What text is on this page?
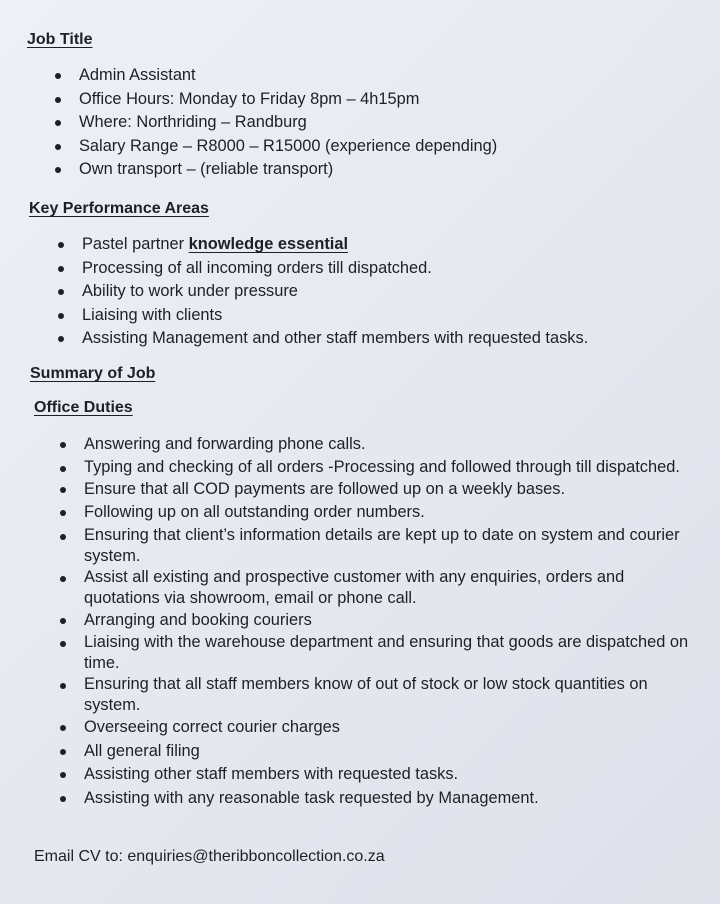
Job Title
Admin Assistant
Office Hours: Monday to Friday 8pm – 4h15pm
Where: Northriding – Randburg
Salary Range – R8000 – R15000 (experience depending)
Own transport – (reliable transport)
Key Performance Areas
Pastel partner knowledge essential
Processing of all incoming orders till dispatched.
Ability to work under pressure
Liaising with clients
Assisting Management and other staff members with requested tasks.
Summary of Job
Office Duties
Answering and forwarding phone calls.
Typing and checking of all orders -Processing and followed through till dispatched.
Ensure that all COD payments are followed up on a weekly bases.
Following up on all outstanding order numbers.
Ensuring that client’s information details are kept up to date on system and courier system.
Assist all existing and prospective customer with any enquiries, orders and quotations via showroom, email or phone call.
Arranging and booking couriers
Liaising with the warehouse department and ensuring that goods are dispatched on time.
Ensuring that all staff members know of out of stock or low stock quantities on system.
Overseeing correct courier charges
All general filing
Assisting other staff members with requested tasks.
Assisting with any reasonable task requested by Management.
Email CV to: enquiries@theribboncollection.co.za
